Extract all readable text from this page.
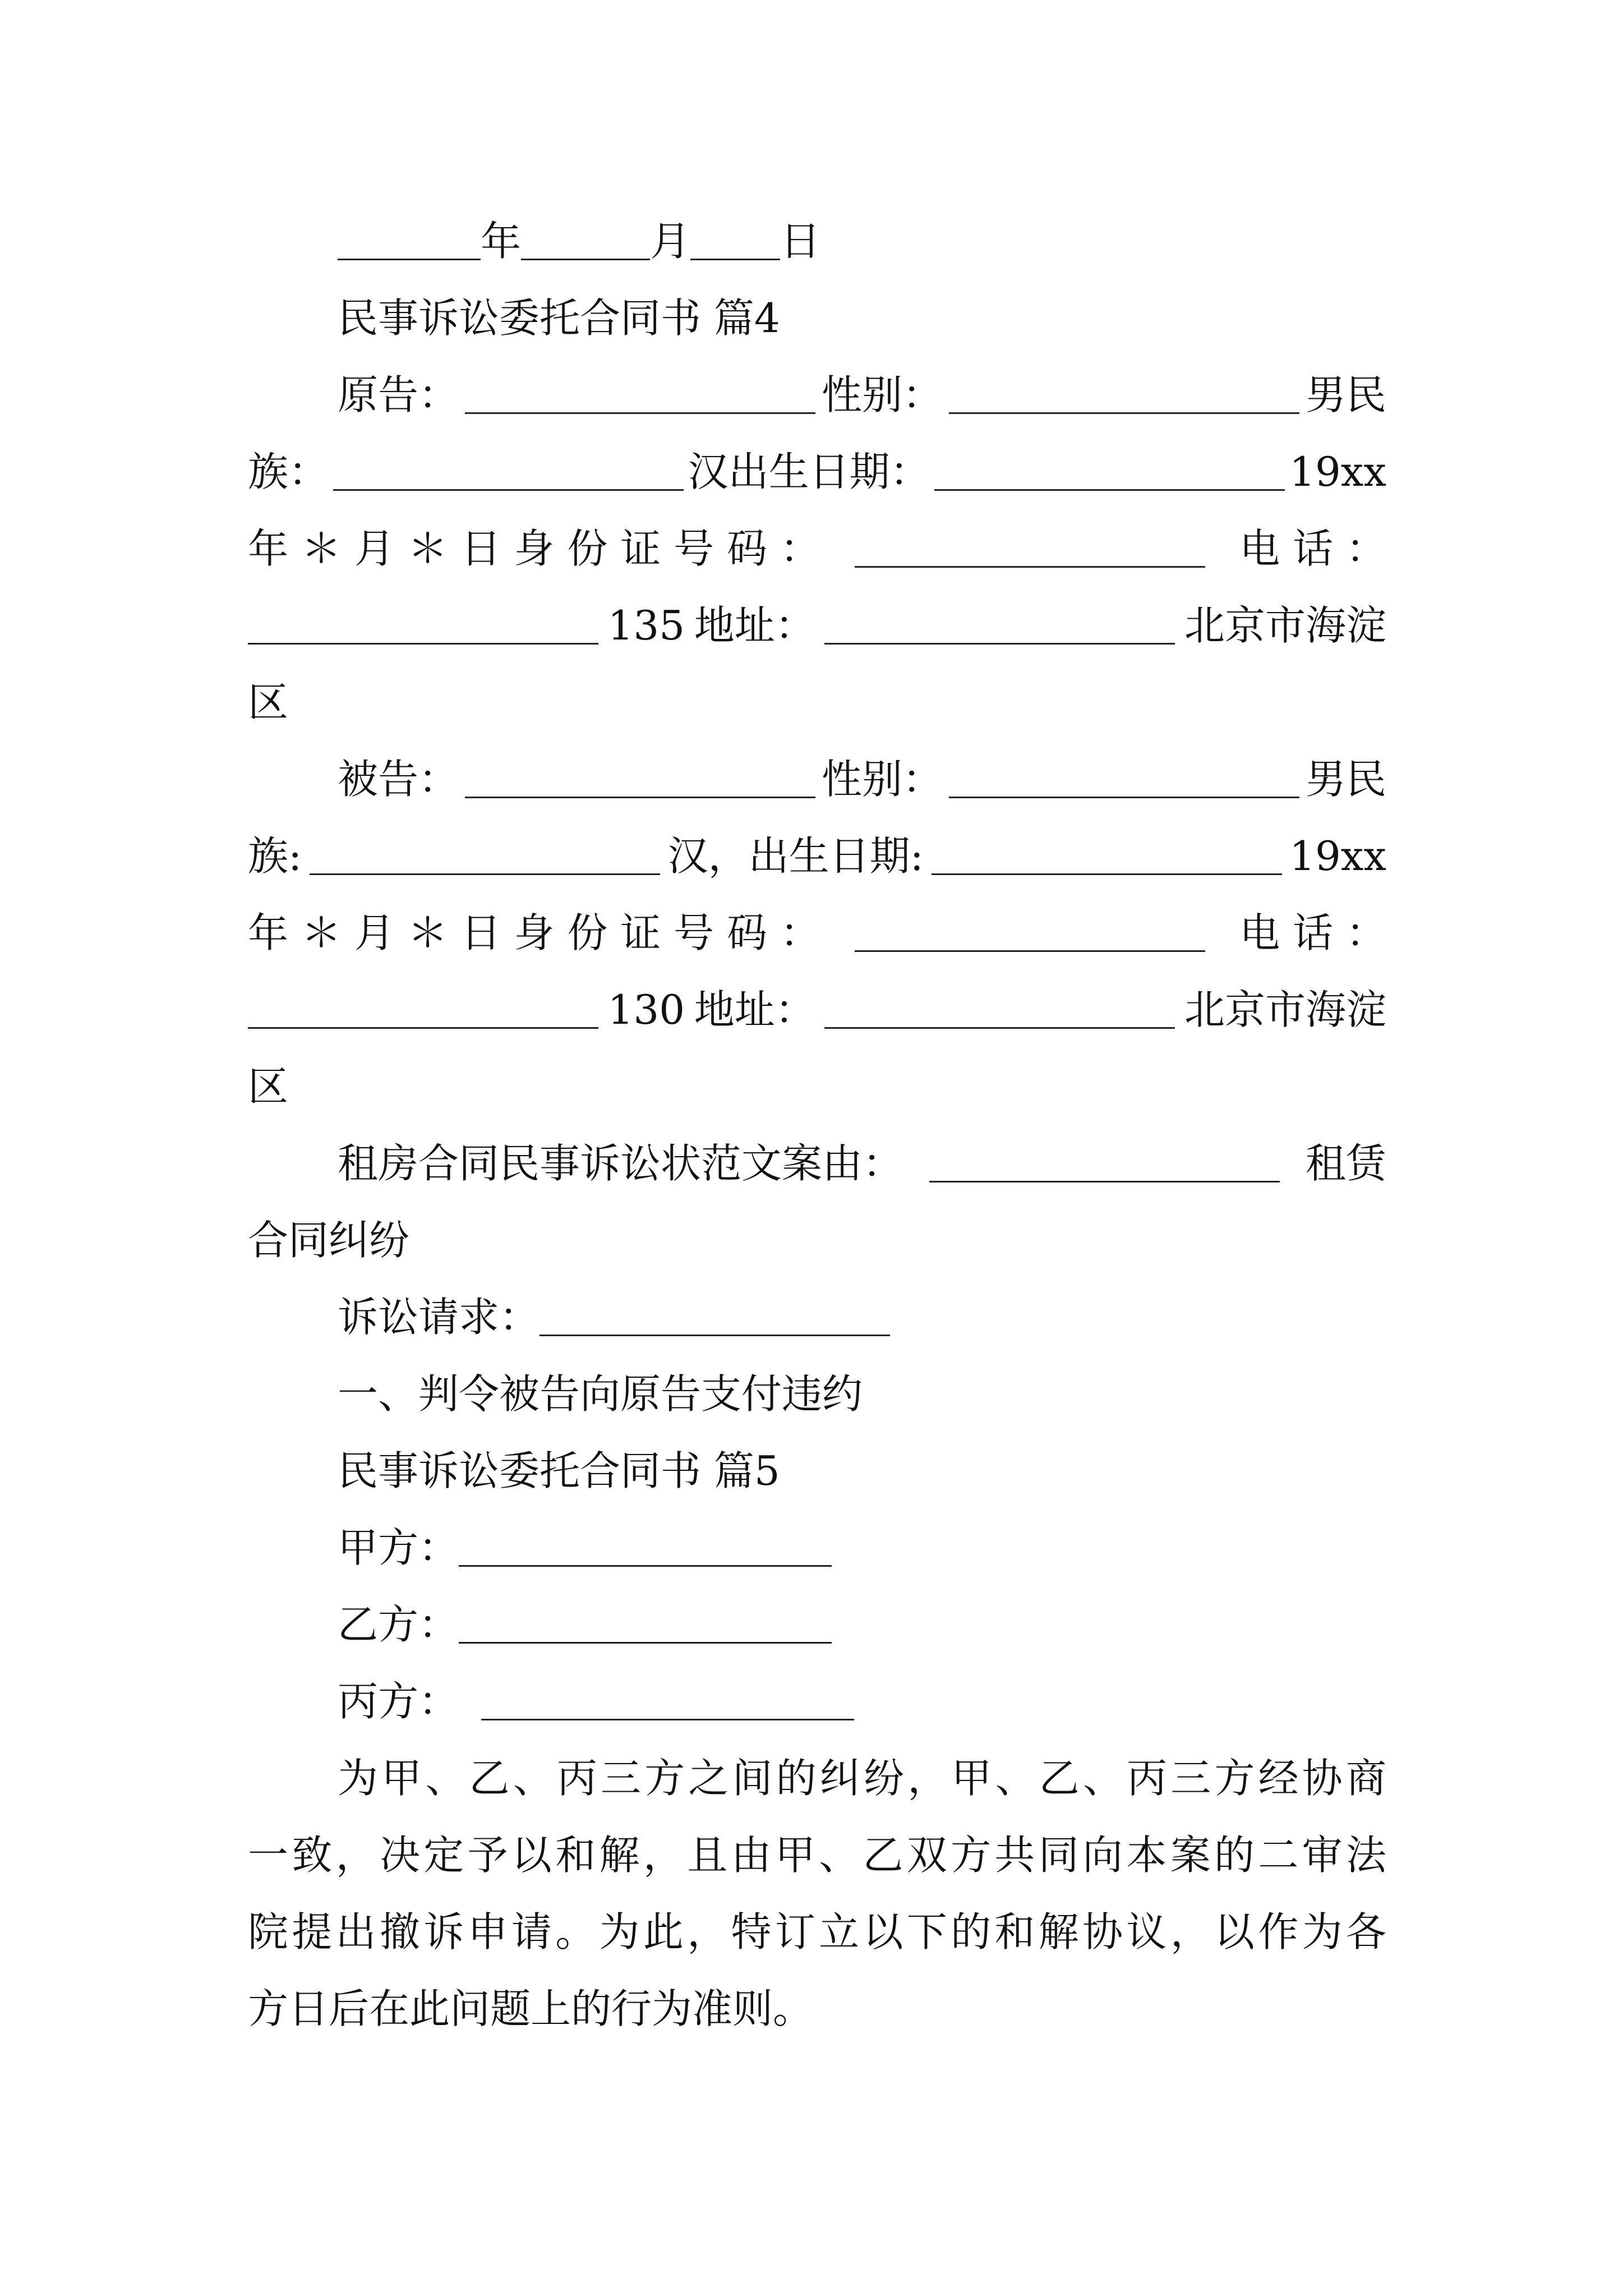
年	月 日
民事诉讼委托合同书 篇4
原告：	性别：	男民
族：	汉出生日期：	19xx
年 ＊ 月 ＊ 日 身 份 证 号 码 ：	电 话 ：
135 地址：	北京市海淀
区
被告：	性别：	男民
族:	汉，出生日期:	19xx
年 ＊ 月 ＊ 日 身 份 证 号 码 ：	电 话 ：
130 地址：	北京市海淀
区
租房合同民事诉讼状范文案由：	租赁
合同纠纷
诉讼请求：
一、判令被告向原告支付违约
民事诉讼委托合同书 篇5
甲方：
乙方：
丙方：
为甲、乙、丙三方之间的纠纷，甲、乙、丙三方经协商
一致，决定予以和解，且由甲、乙双方共同向本案的二审法
院提出撤诉申请。为此，特订立以下的和解协议，以作为各
方日后在此问题上的行为准则。
